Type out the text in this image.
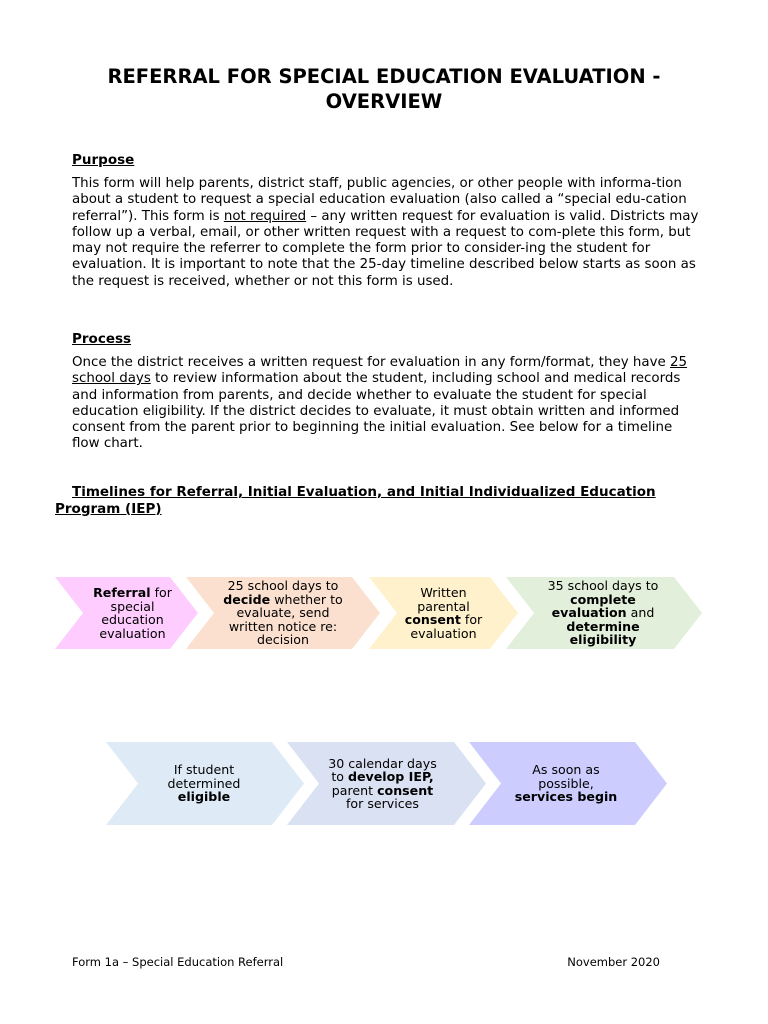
REFERRAL FOR SPECIAL EDUCATION EVALUATION -
OVERVIEW
Purpose
This form will help parents, district staff, public agencies, or other people with informa-tion about a student to request a special education evaluation (also called a “special edu-cation referral”). This form is not required – any written request for evaluation is valid. Districts may follow up a verbal, email, or other written request with a request to com-plete this form, but may not require the referrer to complete the form prior to consider-ing the student for evaluation. It is important to note that the 25-day timeline described below starts as soon as the request is received, whether or not this form is used.
Process
Once the district receives a written request for evaluation in any form/format, they have 25 school days to review information about the student, including school and medical records and information from parents, and decide whether to evaluate the student for special education eligibility. If the district decides to evaluate, it must obtain written and informed consent from the parent prior to beginning the initial evaluation. See below for a timeline flow chart.
Timelines for Referral, Initial Evaluation, and Initial Individualized Education Program (IEP)
Referral for special education evaluation
25 school days to decide whether to evaluate, send written notice re: decision
Written parental consent for evaluation
35 school days to complete evaluation and determine eligibility
If student determined eligible
30 calendar days to develop IEP, parent consent for services
As soon as possible, services begin
Form 1a – Special Education Referral	November 2020
